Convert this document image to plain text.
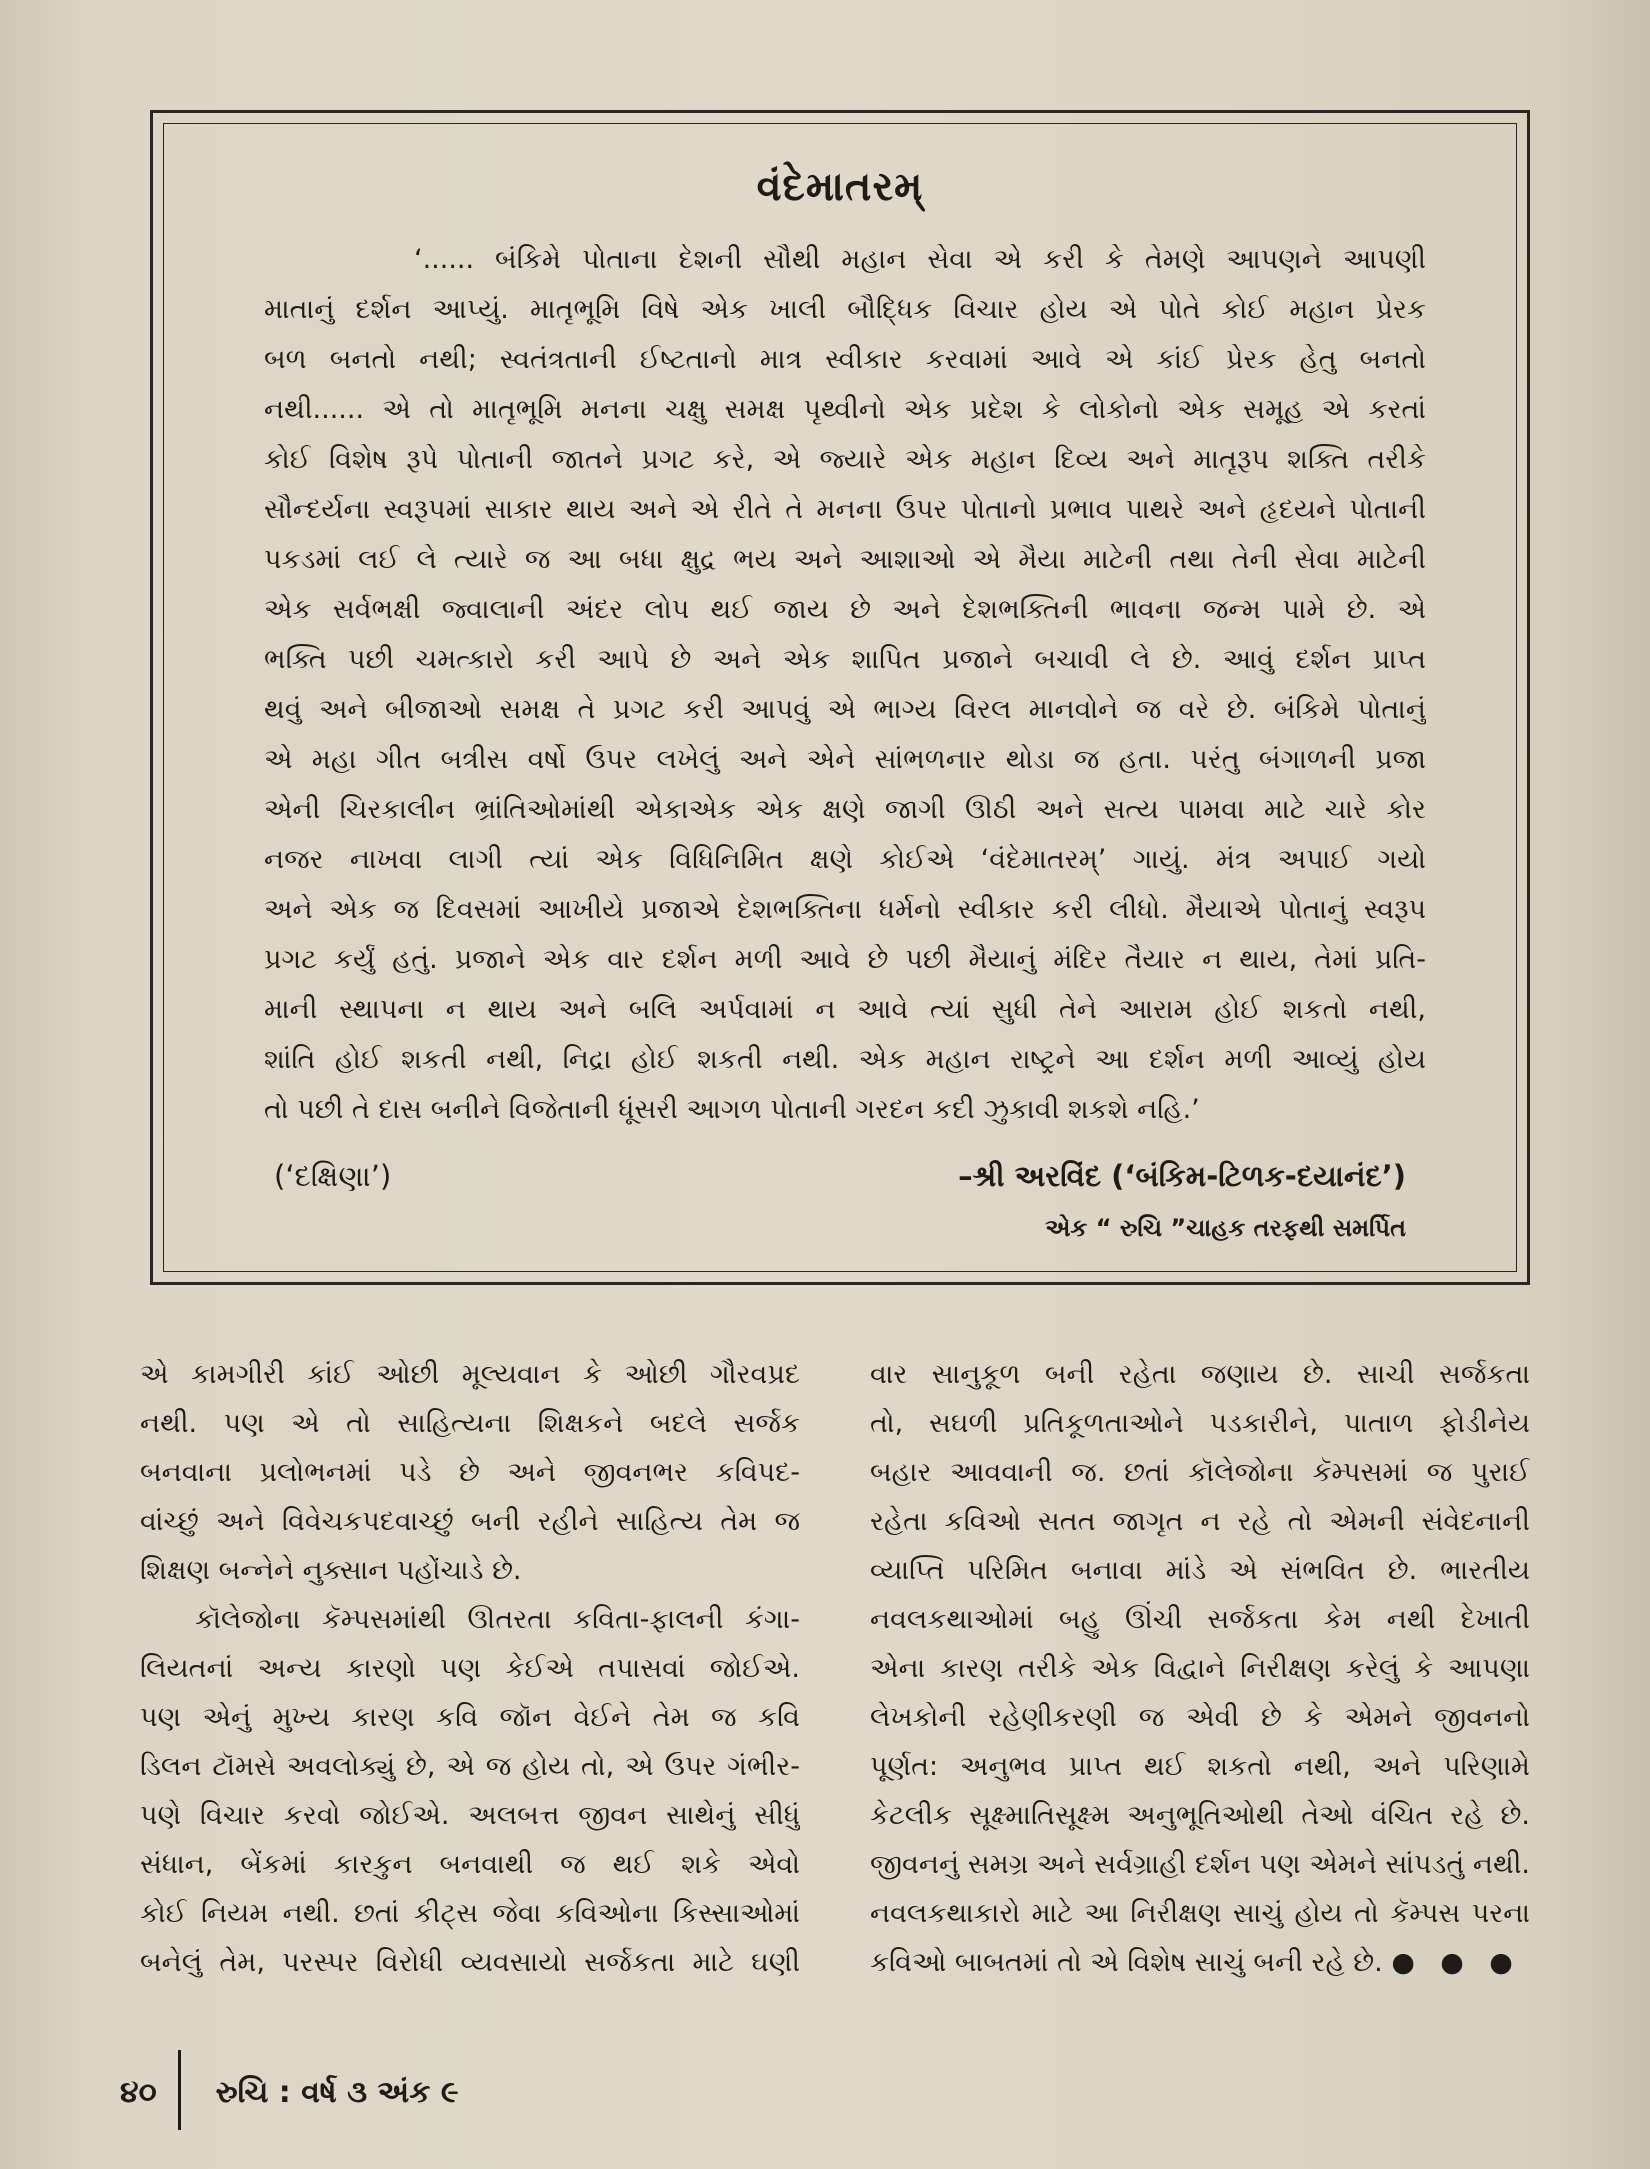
વંદેમાતરમ્
‘...... બંકિમે પોતાના દેશની સૌથી મહાન સેવા એ કરી કે તેમણે આપણને આપણી
માતાનું દર્શન આપ્યું. માતૃભૂમિ વિષે એક ખાલી બૌદ્ધિક વિચાર હોય એ પોતે કોઈ મહાન પ્રેરક
બળ બનતો નથી; સ્વતંત્રતાની ઈષ્ટતાનો માત્ર સ્વીકાર કરવામાં આવે એ કાંઈ પ્રેરક હેતુ બનતો
નથી...... એ તો માતૃભૂમિ મનના ચક્ષુ સમક્ષ પૃથ્વીનો એક પ્રદેશ કે લોકોનો એક સમૂહ એ કરતાં
કોઈ વિશેષ રૂપે પોતાની જાતને પ્રગટ કરે, એ જ્યારે એક મહાન દિવ્ય અને માતૃરૂપ શક્તિ તરીકે
સૌન્દર્યના સ્વરૂપમાં સાકાર થાય અને એ રીતે તે મનના ઉપર પોતાનો પ્રભાવ પાથરે અને હૃદયને પોતાની
પકડમાં લઈ લે ત્યારે જ આ બધા ક્ષુદ્ર ભય અને આશાઓ એ મૈયા માટેની તથા તેની સેવા માટેની
એક સર્વભક્ષી જ્વાલાની અંદર લોપ થઈ જાય છે અને દેશભક્તિની ભાવના જન્મ પામે છે. એ
ભક્તિ પછી ચમત્કારો કરી આપે છે અને એક શાપિત પ્રજાને બચાવી લે છે. આવું દર્શન પ્રાપ્ત
થવું અને બીજાઓ સમક્ષ તે પ્રગટ કરી આપવું એ ભાગ્ય વિરલ માનવોને જ વરે છે. બંકિમે પોતાનું
એ મહા ગીત બત્રીસ વર્ષો ઉપર લખેલું અને એને સાંભળનાર થોડા જ હતા. પરંતુ બંગાળની પ્રજા
એની ચિરકાલીન ભ્રાંતિઓમાંથી એકાએક એક ક્ષણે જાગી ઊઠી અને સત્ય પામવા માટે ચારે કોર
નજર નાખવા લાગી ત્યાં એક વિધિનિમિત ક્ષણે કોઈએ ‘વંદેમાતરમ્’ ગાયું. મંત્ર અપાઈ ગયો
અને એક જ દિવસમાં આખીયે પ્રજાએ દેશભક્તિના ધર્મનો સ્વીકાર કરી લીધો. મૈયાએ પોતાનું સ્વરૂપ
પ્રગટ કર્યું હતું. પ્રજાને એક વાર દર્શન મળી આવે છે પછી મૈયાનું મંદિર તૈયાર ન થાય, તેમાં પ્રતિ-
માની સ્થાપના ન થાય અને બલિ અર્પવામાં ન આવે ત્યાં સુધી તેને આરામ હોઈ શકતો નથી,
શાંતિ હોઈ શકતી નથી, નિદ્રા હોઈ શકતી નથી. એક મહાન રાષ્ટ્રને આ દર્શન મળી આવ્યું હોય
તો પછી તે દાસ બનીને વિજેતાની ધૂંસરી આગળ પોતાની ગરદન કદી ઝુકાવી શકશે નહિ.’
(‘દક્ષિણા’)	–શ્રી અરવિંદ (‘બંકિમ-ટિળક-દયાનંદ’)
એક “ રુચિ ”ચાહક તરફથી સમર્પિત
એ કામગીરી કાંઈ ઓછી મૂલ્યવાન કે ઓછી ગૌરવપ્રદ
નથી. પણ એ તો સાહિત્યના શિક્ષકને બદલે સર્જક
બનવાના પ્રલોભનમાં પડે છે અને જીવનભર કવિપદ-
વાંચ્છું અને વિવેચકપદવાચ્છું બની રહીને સાહિત્ય તેમ જ
શિક્ષણ બન્નેને નુક્સાન પહોંચાડે છે.
કૉલેજોના કૅમ્પસમાંથી ઊતરતા કવિતા-ફાલની કંગા-
લિયતનાં અન્ય કારણો પણ કેઈએ તપાસવાં જોઈએ.
પણ એનું મુખ્ય કારણ કવિ જૉન વેઈને તેમ જ કવિ
ડિલન ટૉમસે અવલોક્યું છે, એ જ હોય તો, એ ઉપર ગંભીર-
પણે વિચાર કરવો જોઈએ. અલબત્ત જીવન સાથેનું સીધું
સંધાન, બેંકમાં કારકુન બનવાથી જ થઈ શકે એવો
કોઈ નિયમ નથી. છતાં કીટ્સ જેવા કવિઓના કિસ્સાઓમાં
બનેલું તેમ, પરસ્પર વિરોધી વ્યવસાયો સર્જકતા માટે ઘણી
વાર સાનુકૂળ બની રહેતા જણાય છે. સાચી સર્જકતા
તો, સઘળી પ્રતિકૂળતાઓને પડકારીને, પાતાળ ફોડીનેય
બહાર આવવાની જ. છતાં કૉલેજોના કૅમ્પસમાં જ પુરાઈ
રહેતા કવિઓ સતત જાગૃત ન રહે તો એમની સંવેદનાની
વ્યાપ્તિ પરિમિત બનાવા માંડે એ સંભવિત છે. ભારતીય
નવલકથાઓમાં બહુ ઊંચી સર્જકતા કેમ નથી દેખાતી
એના કારણ તરીકે એક વિદ્વાને નિરીક્ષણ કરેલું કે આપણા
લેખકોની રહેણીકરણી જ એવી છે કે એમને જીવનનો
પૂર્ણત: અનુભવ પ્રાપ્ત થઈ શકતો નથી, અને પરિણામે
કેટલીક સૂક્ષ્માતિસૂક્ષ્મ અનુભૂતિઓથી તેઓ વંચિત રહે છે.
જીવનનું સમગ્ર અને સર્વગ્રાહી દર્શન પણ એમને સાંપડતું નથી.
નવલકથાકારો માટે આ નિરીક્ષણ સાચું હોય તો કૅમ્પસ પરના
કવિઓ બાબતમાં તો એ વિશેષ સાચું બની રહે છે. ● ● ●
૪૦ રુચિ : વર્ષ ૩ અંક ૯
